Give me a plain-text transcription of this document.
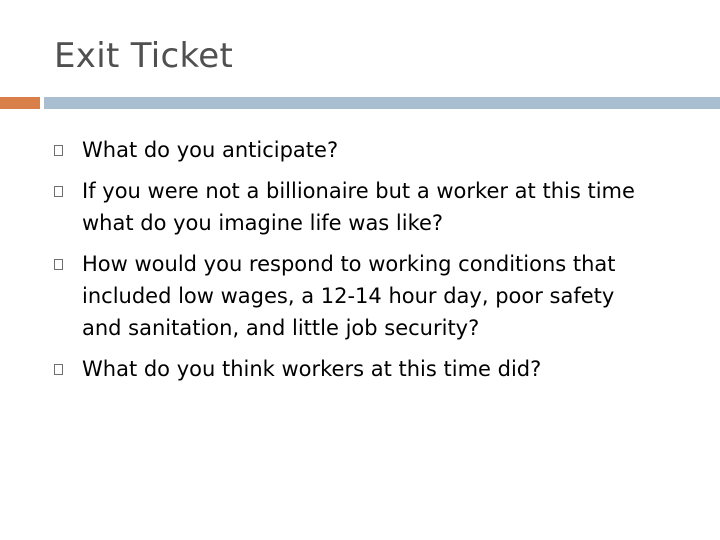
Exit Ticket
What do you anticipate?
If you were not a billionaire but a worker at this time what do you imagine life was like?
How would you respond to working conditions that included low wages, a 12-14 hour day, poor safety and sanitation, and little job security?
What do you think workers at this time did?
